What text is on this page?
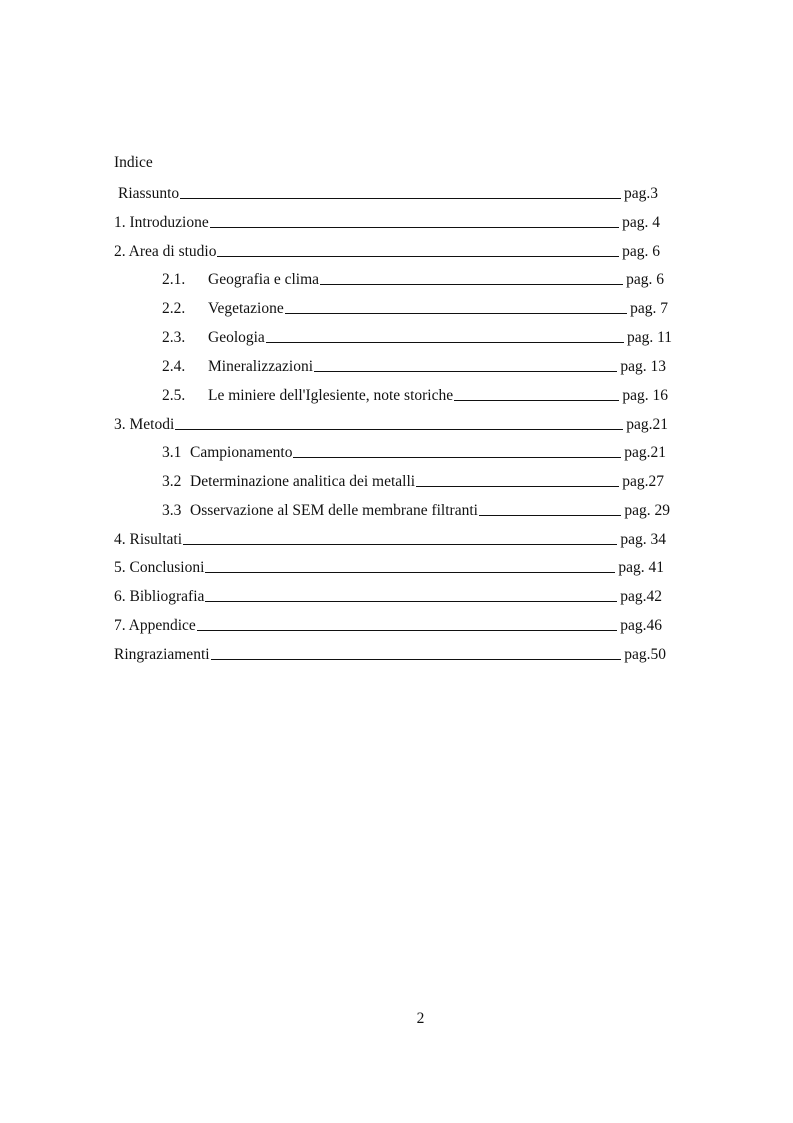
Indice
Riassunto	pag.3
1. Introduzione	pag. 4
2. Area di studio	pag. 6
2.1.	Geografia e clima	pag. 6
2.2.	Vegetazione	pag. 7
2.3.	Geologia	pag. 11
2.4.	Mineralizzazioni	pag. 13
2.5.	Le miniere dell'Iglesiente, note storiche	pag. 16
3. Metodi	pag.21
3.1 Campionamento	pag.21
3.2 Determinazione analitica dei metalli	pag.27
3.3 Osservazione al SEM delle membrane filtranti	pag. 29
4. Risultati	pag. 34
5. Conclusioni	pag. 41
6. Bibliografia	pag.42
7. Appendice	pag.46
Ringraziamenti	pag.50
2
